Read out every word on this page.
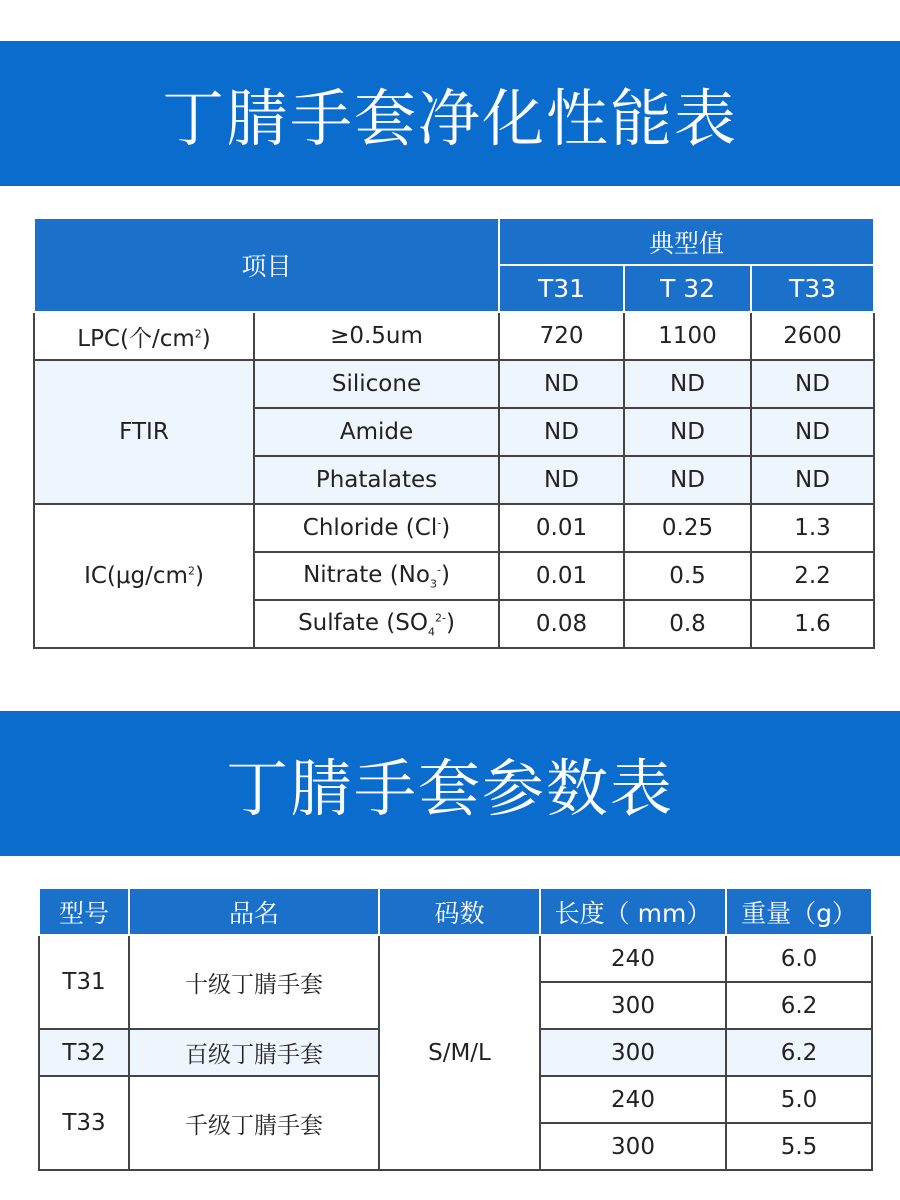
丁腈手套净化性能表
项目		典型值		
		T31	T 32	T33
LPC(个$/cm^2$)	≥0.5um	720	1100	2600
FTIR	Silicone	ND	ND	ND
	Amide	ND	ND	ND
	Phatalates	ND	ND	ND
$IC(\mu g/cm^2)$	Chloride (Cl-)	0.01	0.25	1.3
	Nitrate $(No_3^-)$	0.01	0.5	2.2
	Sulfate $(SO_4^{2-})$	0.08	0.8	1.6
丁腈手套参数表
型号	品名	码数	长度（ mm）	重量（g）
T31	十级丁腈手套	S/M/L	240	6.0
			300	6.2
T32	百级丁腈手套		300	6.2
T33	千级丁腈手套		240	5.0
			300	5.5
